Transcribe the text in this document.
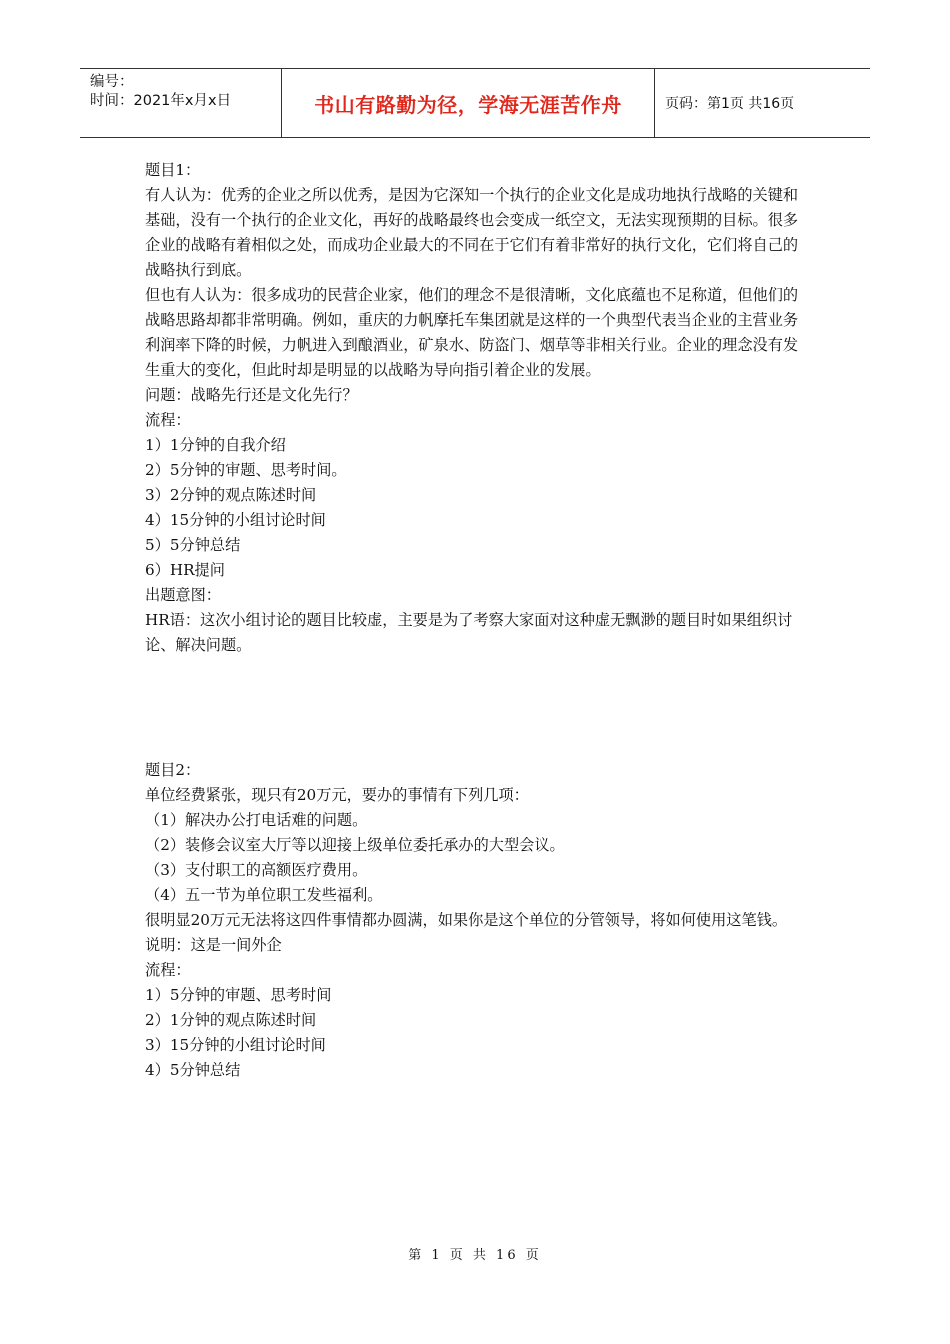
编号：
时间：2021年x月x日	书山有路勤为径，学海无涯苦作舟	页码：第1页 共16页

题目1：

有人认为：优秀的企业之所以优秀，是因为它深知一个执行的企业文化是成功地执行战略的关键和基础，没有一个执行的企业文化，再好的战略最终也会变成一纸空文，无法实现预期的目标。很多企业的战略有着相似之处，而成功企业最大的不同在于它们有着非常好的执行文化，它们将自己的战略执行到底。

但也有人认为：很多成功的民营企业家，他们的理念不是很清晰，文化底蕴也不足称道，但他们的战略思路却都非常明确。例如，重庆的力帆摩托车集团就是这样的一个典型代表当企业的主营业务利润率下降的时候，力帆进入到酿酒业，矿泉水、防盗门、烟草等非相关行业。企业的理念没有发生重大的变化，但此时却是明显的以战略为导向指引着企业的发展。

问题：战略先行还是文化先行？

流程：

1）1分钟的自我介绍

2）5分钟的审题、思考时间。

3）2分钟的观点陈述时间

4）15分钟的小组讨论时间

5）5分钟总结

6）HR提问

出题意图：

HR语：这次小组讨论的题目比较虚，主要是为了考察大家面对这种虚无飘渺的题目时如果组织讨论、解决问题。

题目2：

单位经费紧张，现只有20万元，要办的事情有下列几项：

（1）解决办公打电话难的问题。

（2）装修会议室大厅等以迎接上级单位委托承办的大型会议。

（3）支付职工的高额医疗费用。

（4）五一节为单位职工发些福利。

很明显20万元无法将这四件事情都办圆满，如果你是这个单位的分管领导，将如何使用这笔钱。

说明：这是一间外企

流程：

1）5分钟的审题、思考时间

2）1分钟的观点陈述时间

3）15分钟的小组讨论时间

4）5分钟总结

第 1 页 共 16 页
